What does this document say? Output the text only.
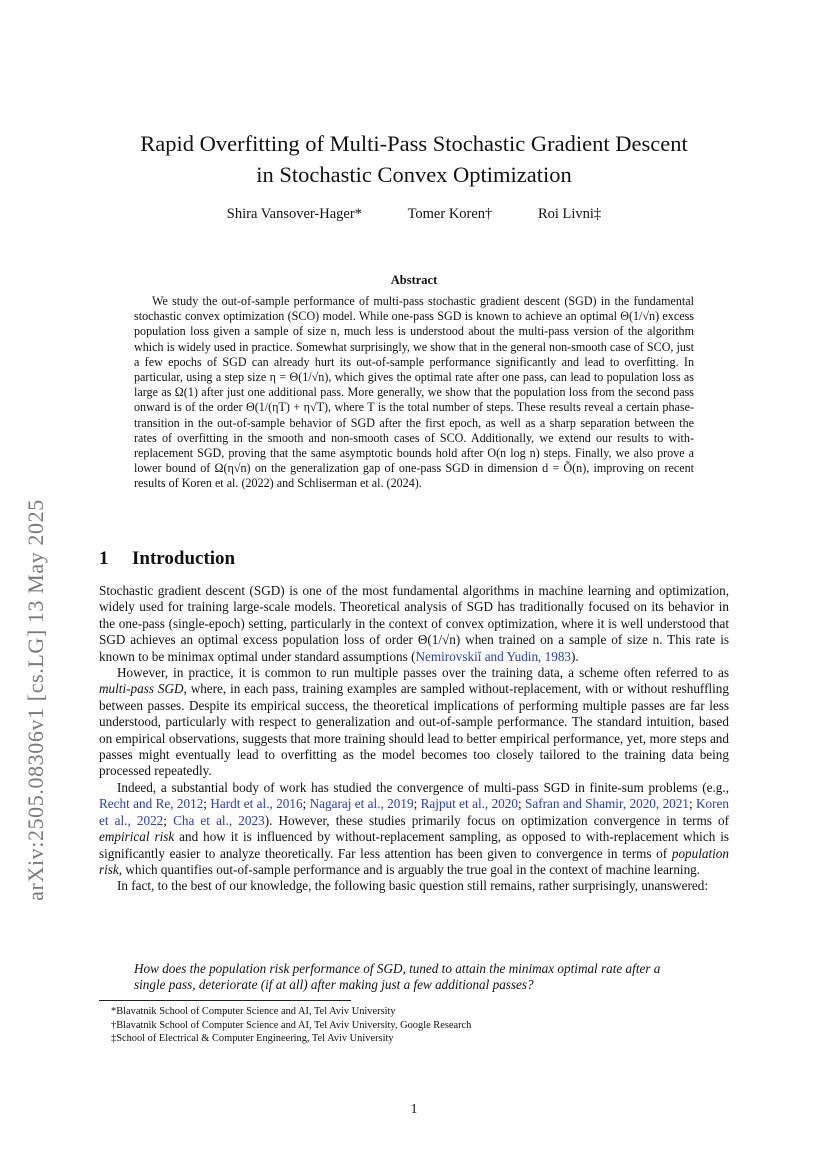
arXiv:2505.08306v1 [cs.LG] 13 May 2025
Rapid Overfitting of Multi-Pass Stochastic Gradient Descent
in Stochastic Convex Optimization
Shira Vansover-Hager*	Tomer Koren†	Roi Livni‡
Abstract
We study the out-of-sample performance of multi-pass stochastic gradient descent (SGD) in the fundamental stochastic convex optimization (SCO) model. While one-pass SGD is known to achieve an optimal Θ(1/√n) excess population loss given a sample of size n, much less is understood about the multi-pass version of the algorithm which is widely used in practice. Somewhat surprisingly, we show that in the general non-smooth case of SCO, just a few epochs of SGD can already hurt its out-of-sample performance significantly and lead to overfitting. In particular, using a step size η = Θ(1/√n), which gives the optimal rate after one pass, can lead to population loss as large as Ω(1) after just one additional pass. More generally, we show that the population loss from the second pass onward is of the order Θ(1/(ηT) + η√T), where T is the total number of steps. These results reveal a certain phase-transition in the out-of-sample behavior of SGD after the first epoch, as well as a sharp separation between the rates of overfitting in the smooth and non-smooth cases of SCO. Additionally, we extend our results to with-replacement SGD, proving that the same asymptotic bounds hold after O(n log n) steps. Finally, we also prove a lower bound of Ω(η√n) on the generalization gap of one-pass SGD in dimension d = Õ(n), improving on recent results of Koren et al. (2022) and Schliserman et al. (2024).
1 Introduction

Stochastic gradient descent (SGD) is one of the most fundamental algorithms in machine learning and optimization, widely used for training large-scale models. Theoretical analysis of SGD has traditionally focused on its behavior in the one-pass (single-epoch) setting, particularly in the context of convex optimization, where it is well understood that SGD achieves an optimal excess population loss of order Θ(1/√n) when trained on a sample of size n. This rate is known to be minimax optimal under standard assumptions (Nemirovskiĭ and Yudin, 1983).

However, in practice, it is common to run multiple passes over the training data, a scheme often referred to as multi-pass SGD, where, in each pass, training examples are sampled without-replacement, with or without reshuffling between passes. Despite its empirical success, the theoretical implications of performing multiple passes are far less understood, particularly with respect to generalization and out-of-sample performance. The standard intuition, based on empirical observations, suggests that more training should lead to better empirical performance, yet, more steps and passes might eventually lead to overfitting as the model becomes too closely tailored to the training data being processed repeatedly.

Indeed, a substantial body of work has studied the convergence of multi-pass SGD in finite-sum problems (e.g., Recht and Re, 2012; Hardt et al., 2016; Nagaraj et al., 2019; Rajput et al., 2020; Safran and Shamir, 2020, 2021; Koren et al., 2022; Cha et al., 2023). However, these studies primarily focus on optimization convergence in terms of empirical risk and how it is influenced by without-replacement sampling, as opposed to with-replacement which is significantly easier to analyze theoretically. Far less attention has been given to convergence in terms of population risk, which quantifies out-of-sample performance and is arguably the true goal in the context of machine learning.

In fact, to the best of our knowledge, the following basic question still remains, rather surprisingly, unanswered:

How does the population risk performance of SGD, tuned to attain the minimax optimal rate after a single pass, deteriorate (if at all) after making just a few additional passes?
*Blavatnik School of Computer Science and AI, Tel Aviv University
†Blavatnik School of Computer Science and AI, Tel Aviv University, Google Research
‡School of Electrical & Computer Engineering, Tel Aviv University
1
